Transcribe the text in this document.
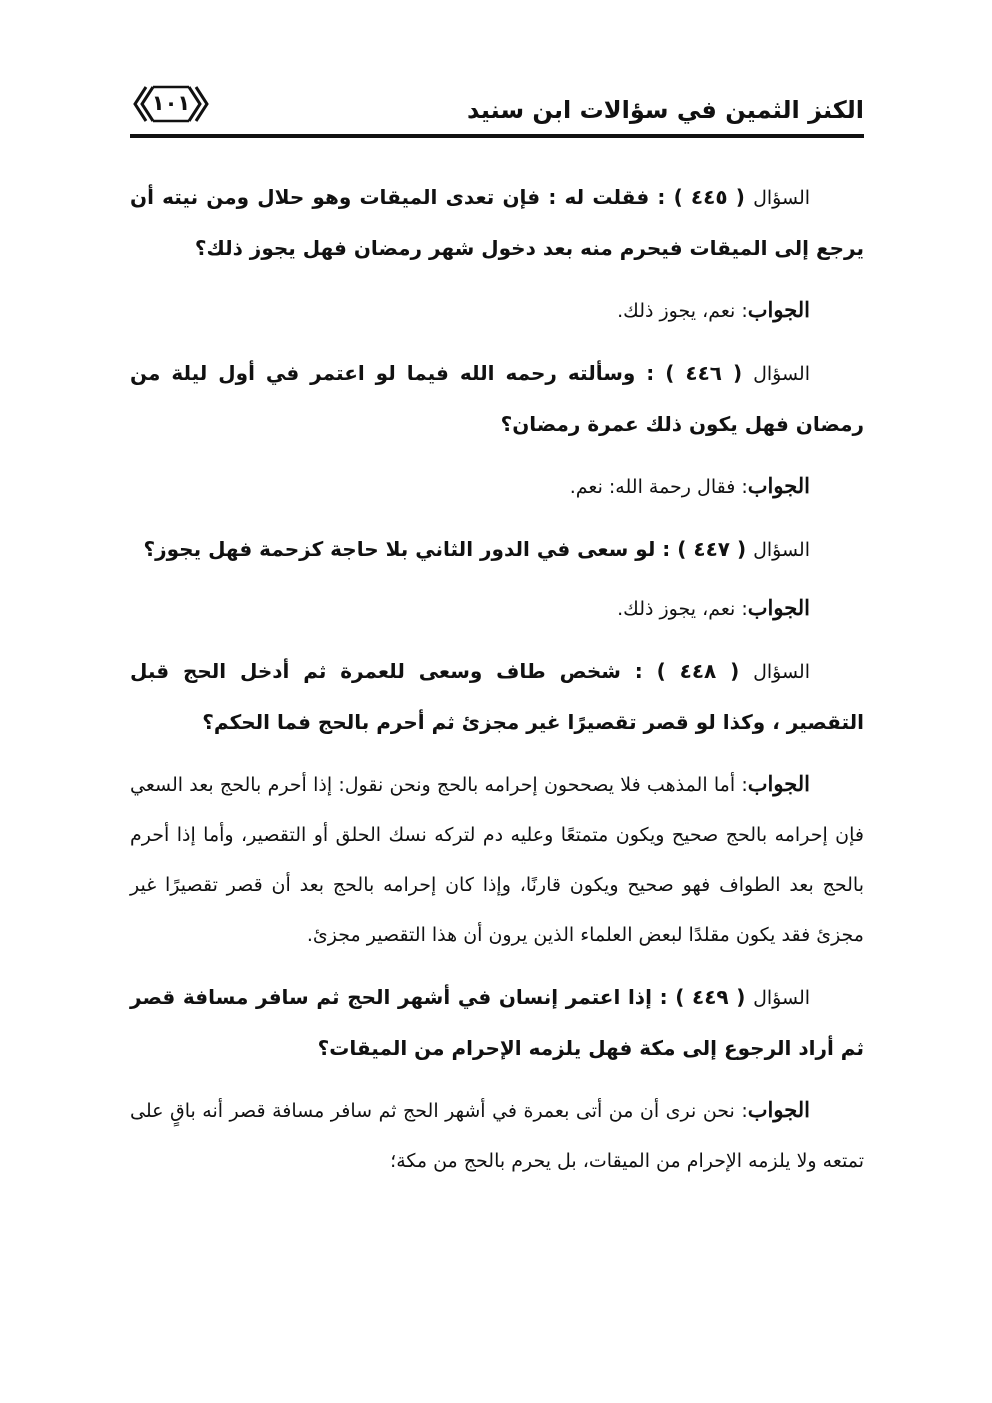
الكنز الثمين في سؤالات ابن سنيد
١٠١

السؤال ( ٤٤٥ ) : فقلت له : فإن تعدى الميقات وهو حلال ومن نيته أن يرجع إلى الميقات فيحرم منه بعد دخول شهر رمضان فهل يجوز ذلك؟

الجواب: نعم، يجوز ذلك.

السؤال ( ٤٤٦ ) : وسألته رحمه الله فيما لو اعتمر في أول ليلة من رمضان فهل يكون ذلك عمرة رمضان؟

الجواب: فقال رحمة الله: نعم.

السؤال ( ٤٤٧ ) : لو سعى في الدور الثاني بلا حاجة كزحمة فهل يجوز؟

الجواب: نعم، يجوز ذلك.

السؤال ( ٤٤٨ ) : شخص طاف وسعى للعمرة ثم أدخل الحج قبل التقصير ، وكذا لو قصر تقصيرًا غير مجزئ ثم أحرم بالحج فما الحكم؟

الجواب: أما المذهب فلا يصححون إحرامه بالحج ونحن نقول: إذا أحرم بالحج بعد السعي فإن إحرامه بالحج صحيح ويكون متمتعًا وعليه دم لتركه نسك الحلق أو التقصير، وأما إذا أحرم بالحج بعد الطواف فهو صحيح ويكون قارنًا، وإذا كان إحرامه بالحج بعد أن قصر تقصيرًا غير مجزئ فقد يكون مقلدًا لبعض العلماء الذين يرون أن هذا التقصير مجزئ.

السؤال ( ٤٤٩ ) : إذا اعتمر إنسان في أشهر الحج ثم سافر مسافة قصر ثم أراد الرجوع إلى مكة فهل يلزمه الإحرام من الميقات؟

الجواب: نحن نرى أن من أتى بعمرة في أشهر الحج ثم سافر مسافة قصر أنه باقٍ على تمتعه ولا يلزمه الإحرام من الميقات، بل يحرم بالحج من مكة؛
